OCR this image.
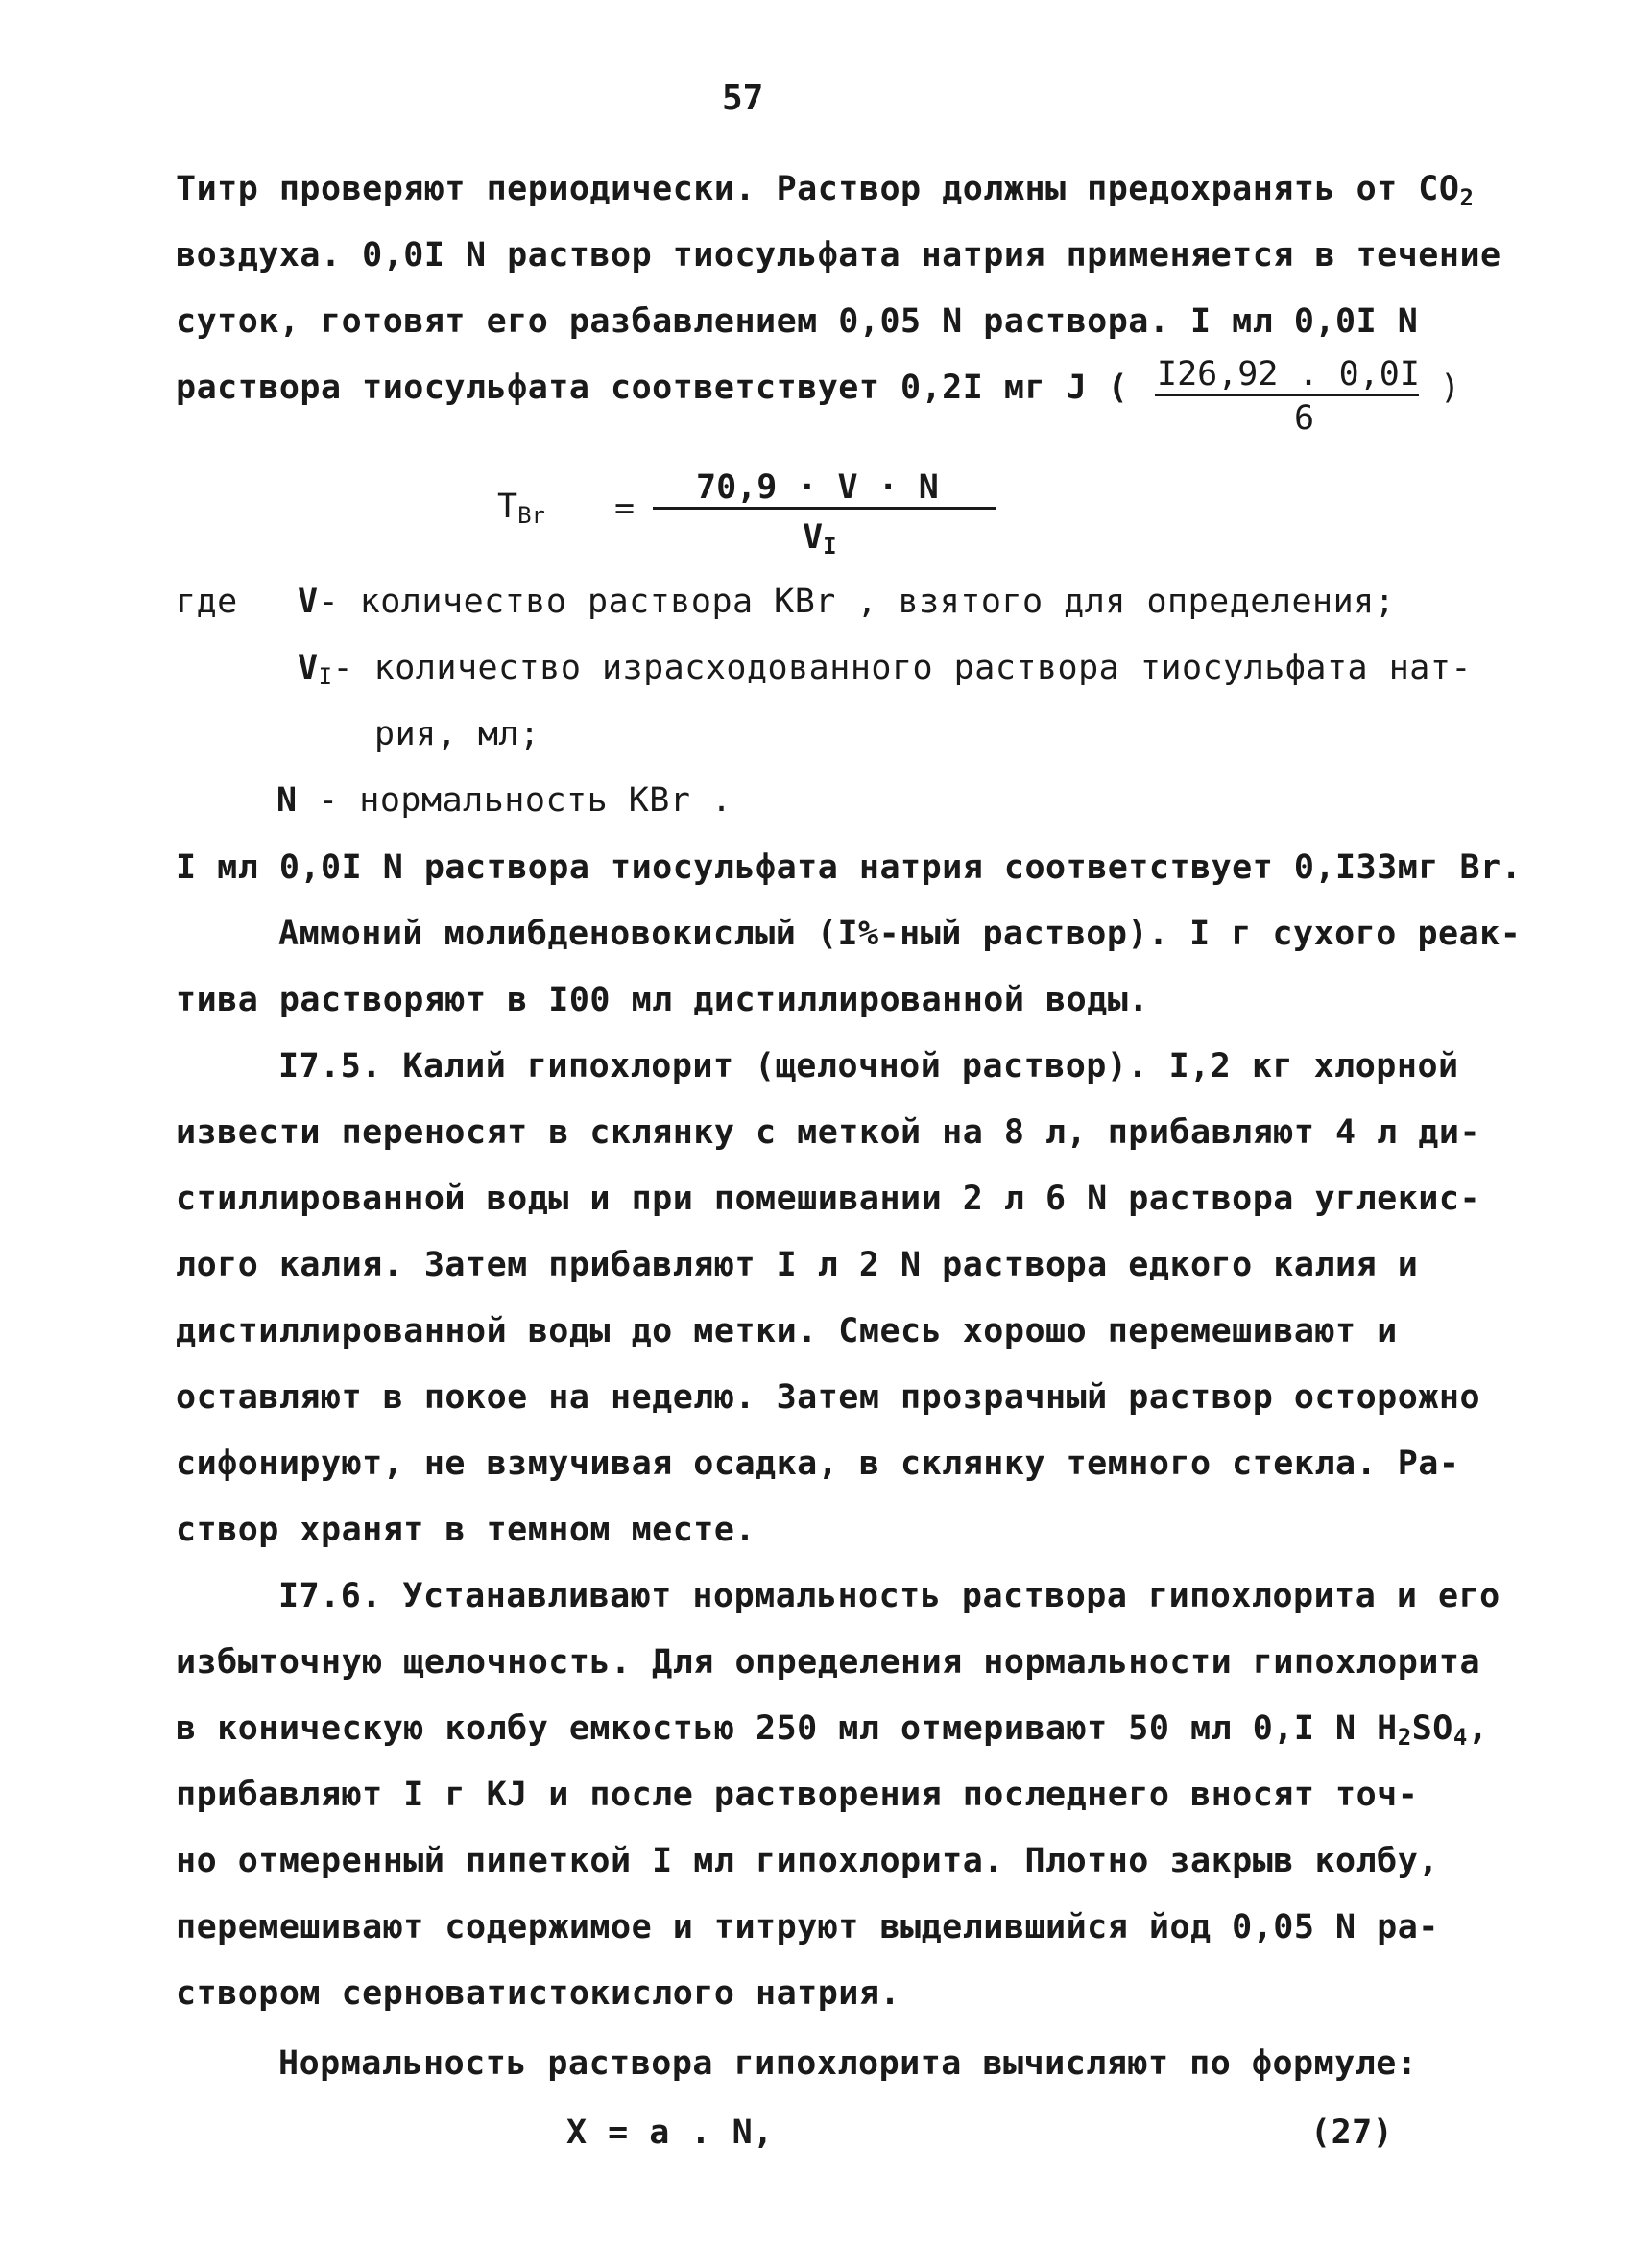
57
Титр проверяют периодически. Раствор должны предохранять от $CO_2$
воздуха. 0,0I N раствор тиосульфата натрия применяется в течение
суток, готовят его разбавлением 0,05 N раствора. I мл 0,0I N
раствора тиосульфата соответствует 0,2I мг J ( I26,92 . 0,0I
6
)
$T_{Br}$ =
70,9 · V · N
$V_I$
где V- количество раствора KBr , взятого для определения;
$V_I-$ количество израсходованного раствора тиосульфата нат-
рия, мл;
N - нормальность KBr .
I мл 0,0I N раствора тиосульфата натрия соответствует 0,I33мг Br.
Аммоний молибденовокислый (I%-ный раствор). I г сухого реак-
тива растворяют в I00 мл дистиллированной воды.
I7.5. Калий гипохлорит (щелочной раствор). I,2 кг хлорной
извести переносят в склянку с меткой на 8 л, прибавляют 4 л ди-
стиллированной воды и при помешивании 2 л 6 N раствора углекис-
лого калия. Затем прибавляют I л 2 N раствора едкого калия и
дистиллированной воды до метки. Смесь хорошо перемешивают и
оставляют в покое на неделю. Затем прозрачный раствор осторожно
сифонируют, не взмучивая осадка, в склянку темного стекла. Ра-
створ хранят в темном месте.
I7.6. Устанавливают нормальность раствора гипохлорита и его
избыточную щелочность. Для определения нормальности гипохлорита
в коническую колбу емкостью 250 мл отмеривают 50 мл 0,I N $H_2SO_4$,
прибавляют I г KJ и после растворения последнего вносят точ-
но отмеренный пипеткой I мл гипохлорита. Плотно закрыв колбу,
перемешивают содержимое и титруют выделившийся йод 0,05 N ра-
створом серноватистокислого натрия.
Нормальность раствора гипохлорита вычисляют по формуле:
X = a . N,	(27)
